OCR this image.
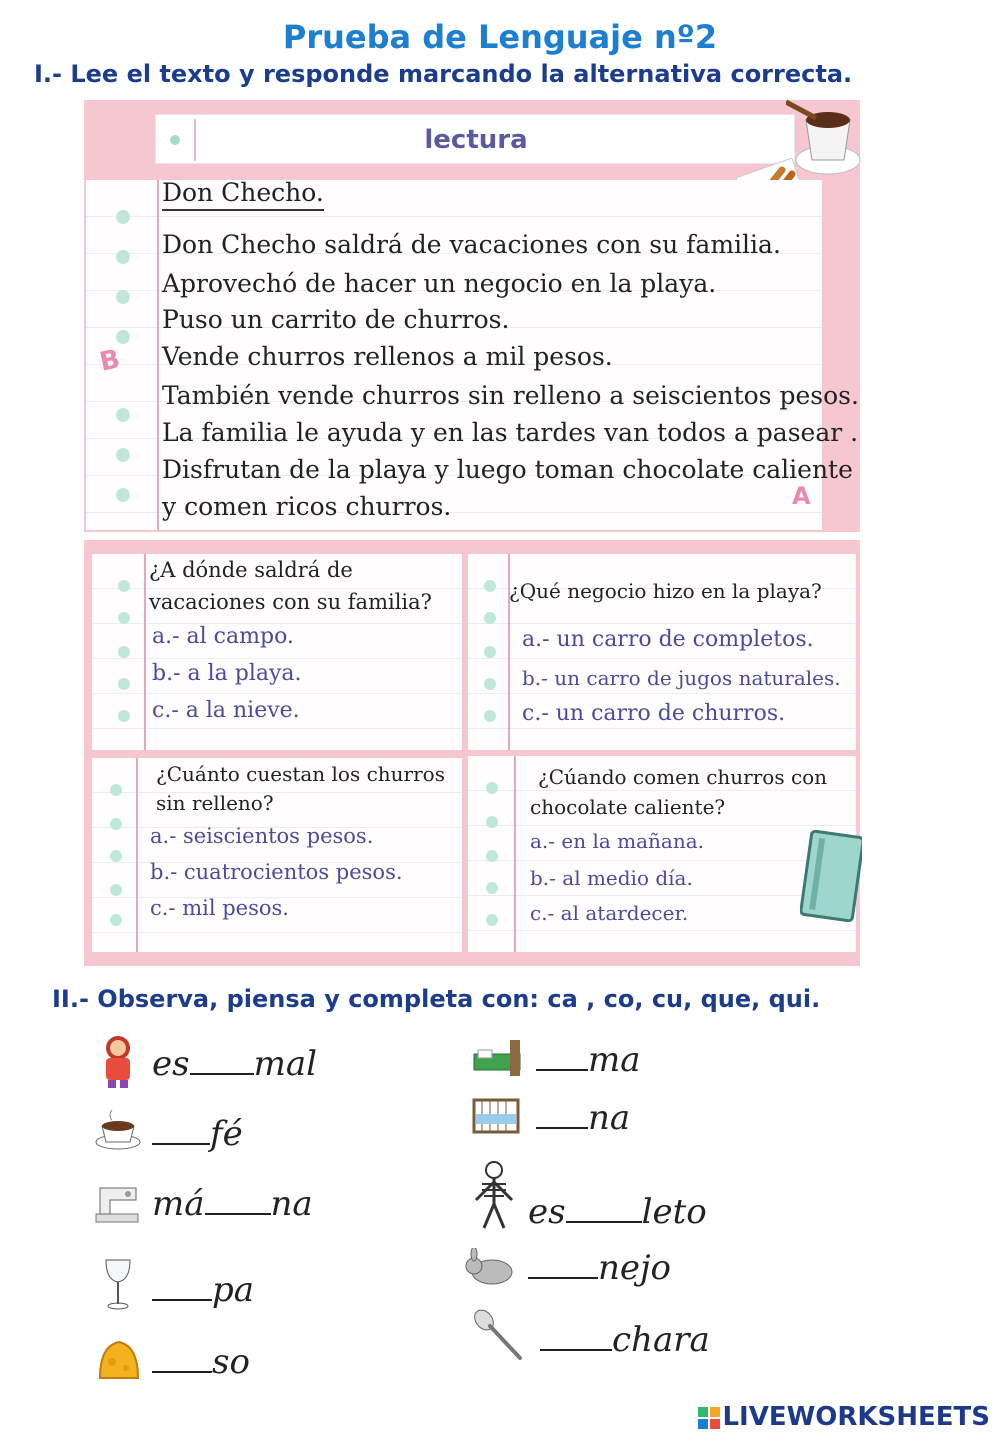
Prueba de Lenguaje nº2
I.- Lee el texto y responde marcando la alternativa correcta.
lectura
B
A
Don Checho.
Don Checho saldrá de vacaciones con su familia.
Aprovechó de hacer un negocio en la playa.
Puso un carrito de churros.
Vende churros rellenos a mil pesos.
También vende churros sin relleno a seiscientos pesos.
La familia le ayuda y en las tardes van todos a pasear .
Disfrutan de la playa y luego toman chocolate caliente
y comen ricos churros.
¿A dónde saldrá de
vacaciones con su familia?
a.- al campo.
b.- a la playa.
c.- a la nieve.
¿Qué negocio hizo en la playa?
a.- un carro de completos.
b.- un carro de jugos naturales.
c.- un carro de churros.
¿Cuánto cuestan los churros
sin relleno?
a.- seiscientos pesos.
b.- cuatrocientos pesos.
c.- mil pesos.
¿Cúando comen churros con
chocolate caliente?
a.- en la mañana.
b.- al medio día.
c.- al atardecer.
II.- Observa, piensa y completa con: ca , co, cu, que, qui.
es mal
fé
má na
pa
so
ma
na
es leto
nejo
chara
LIVEWORKSHEETS
